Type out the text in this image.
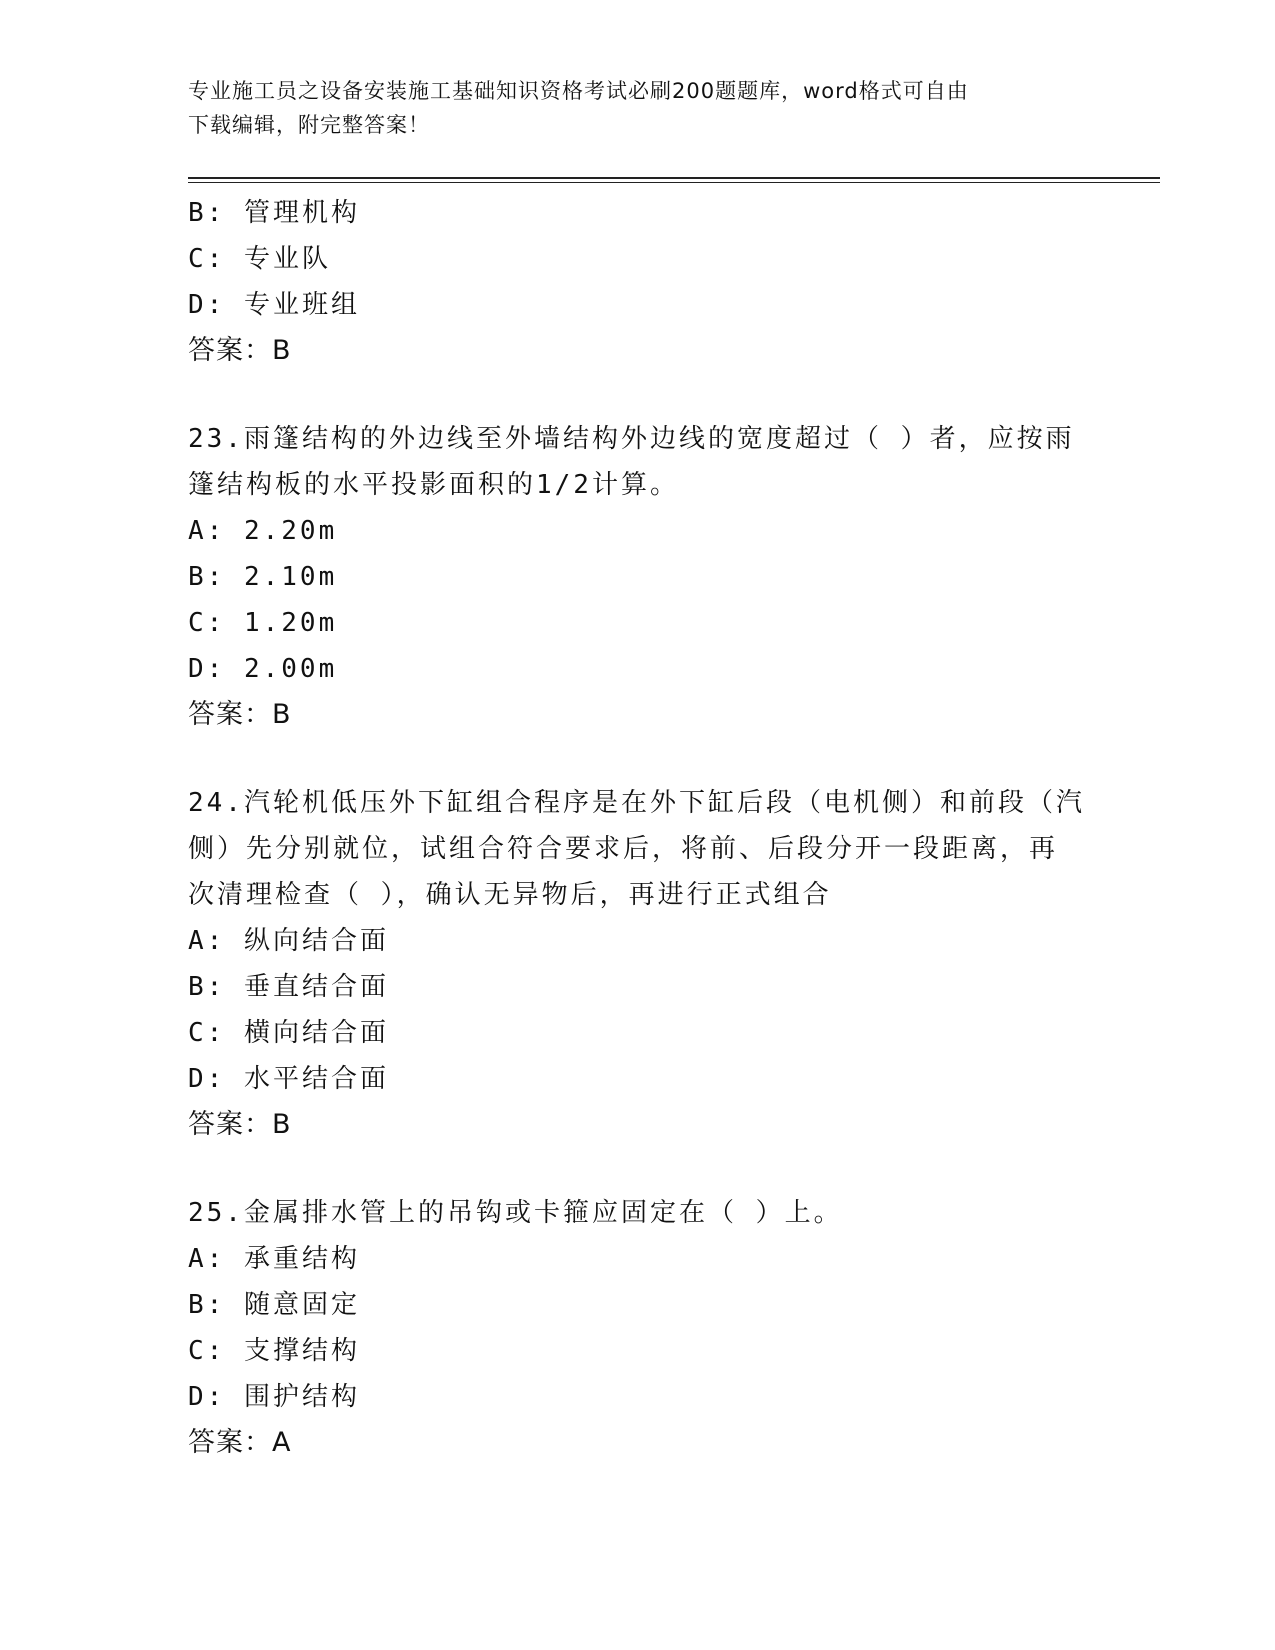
专业施工员之设备安装施工基础知识资格考试必刷200题题库，word格式可自由
下载编辑，附完整答案！
B: 管理机构
C: 专业队
D: 专业班组
答案：B
23.雨篷结构的外边线至外墙结构外边线的宽度超过（ ）者，应按雨
篷结构板的水平投影面积的1/2计算。
A: 2.20m
B: 2.10m
C: 1.20m
D: 2.00m
答案：B
24.汽轮机低压外下缸组合程序是在外下缸后段（电机侧）和前段（汽
侧）先分别就位，试组合符合要求后，将前、后段分开一段距离，再
次清理检查（ ），确认无异物后，再进行正式组合
A: 纵向结合面
B: 垂直结合面
C: 横向结合面
D: 水平结合面
答案：B
25.金属排水管上的吊钩或卡箍应固定在（ ）上。
A: 承重结构
B: 随意固定
C: 支撑结构
D: 围护结构
答案：A
